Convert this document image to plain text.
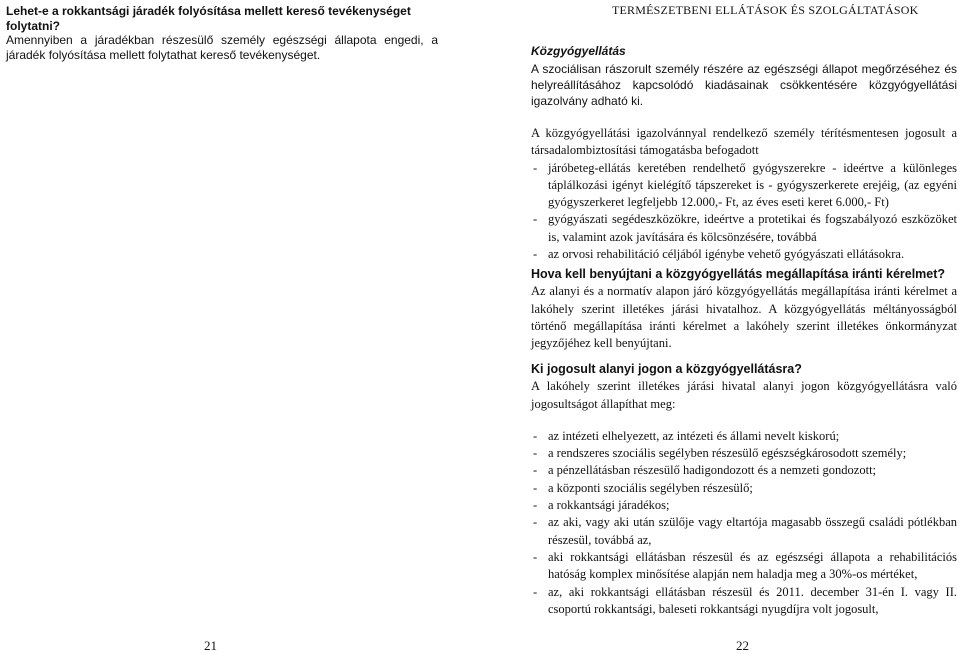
Lehet-e a rokkantsági járadék folyósítása mellett kereső tevékenységet folytatni?

Amennyiben a járadékban részesülő személy egészségi állapota engedi, a járadék folyósítása mellett folytathat kereső tevékenységet.

21

TERMÉSZETBENI ELLÁTÁSOK ÉS SZOLGÁLTATÁSOK

Közgyógyellátás

A szociálisan rászorult személy részére az egészségi állapot megőrzéséhez és helyreállításához kapcsolódó kiadásainak csökkentésére közgyógyellátási igazolvány adható ki.

A közgyógyellátási igazolvánnyal rendelkező személy térítésmentesen jogosult a társadalombiztosítási támogatásba befogadott

- járóbeteg-ellátás keretében rendelhető gyógyszerekre - ideértve a különleges táplálkozási igényt kielégítő tápszereket is - gyógyszerkerete erejéig, (az egyéni gyógyszerkeret legfeljebb 12.000,- Ft, az éves eseti keret 6.000,- Ft)
- gyógyászati segédeszközökre, ideértve a protetikai és fogszabályozó eszközöket is, valamint azok javítására és kölcsönzésére, továbbá
- az orvosi rehabilitáció céljából igénybe vehető gyógyászati ellátásokra.

Hova kell benyújtani a közgyógyellátás megállapítása iránti kérelmet?

Az alanyi és a normatív alapon járó közgyógyellátás megállapítása iránti kérelmet a lakóhely szerint illetékes járási hivatalhoz. A közgyógyellátás méltányosságból történő megállapítása iránti kérelmet a lakóhely szerint illetékes önkormányzat jegyzőjéhez kell benyújtani.

Ki jogosult alanyi jogon a közgyógyellátásra?

A lakóhely szerint illetékes járási hivatal alanyi jogon közgyógyellátásra való jogosultságot állapíthat meg:

- az intézeti elhelyezett, az intézeti és állami nevelt kiskorú;
- a rendszeres szociális segélyben részesülő egészségkárosodott személy;
- a pénzellátásban részesülő hadigondozott és a nemzeti gondozott;
- a központi szociális segélyben részesülő;
- a rokkantsági járadékos;
- az aki, vagy aki után szülője vagy eltartója magasabb összegű családi pótlékban részesül, továbbá az,
- aki rokkantsági ellátásban részesül és az egészségi állapota a rehabilitációs hatóság komplex minősítése alapján nem haladja meg a 30%-os mértéket,
- az, aki rokkantsági ellátásban részesül és 2011. december 31-én I. vagy II. csoportú rokkantsági, baleseti rokkantsági nyugdíjra volt jogosult,
22
